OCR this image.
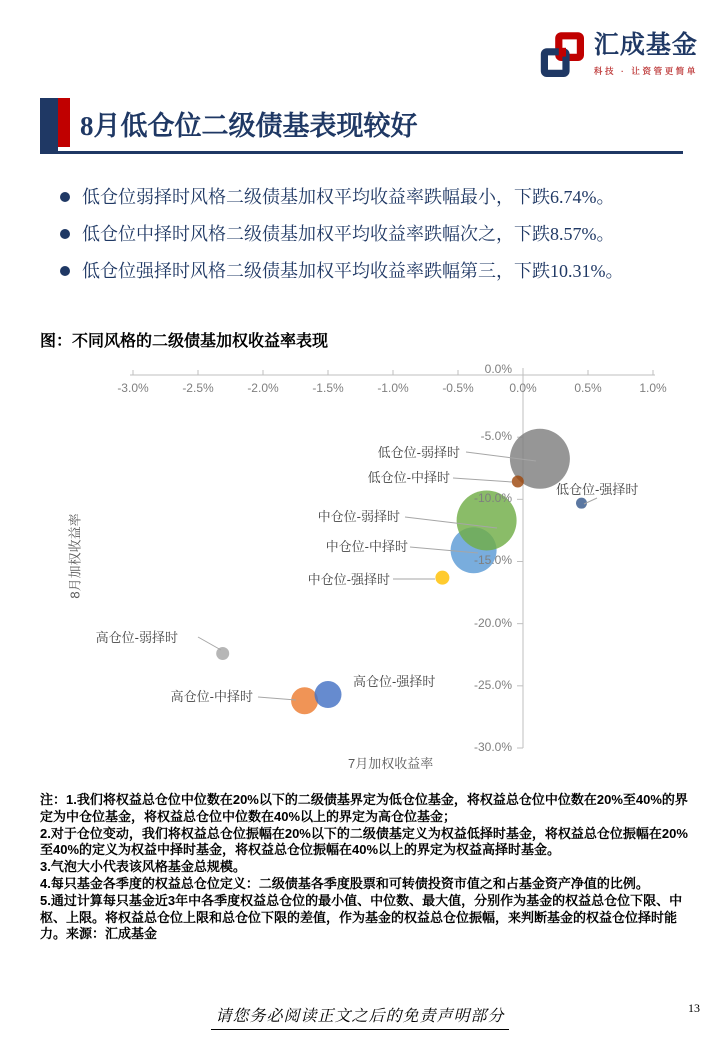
汇成基金
科技 · 让资管更简单
8月低仓位二级债基表现较好
低仓位弱择时风格二级债基加权平均收益率跌幅最小，下跌6.74%。
低仓位中择时风格二级债基加权平均收益率跌幅次之，下跌8.57%。
低仓位强择时风格二级债基加权平均收益率跌幅第三，下跌10.31%。
图：不同风格的二级债基加权收益率表现
-3.0%	-2.5%	-2.0%	-1.5%	-1.0%	-0.5%	0.0%	0.5%	1.0%
0.0%
-5.0%
-10.0%
-15.0%
-20.0%
-25.0%
-30.0%
8月加权收益率
7月加权收益率
低仓位-弱择时
低仓位-中择时
低仓位-强择时
中仓位-弱择时
中仓位-中择时
中仓位-强择时
高仓位-弱择时
高仓位-中择时
高仓位-强择时
注：1.我们将权益总仓位中位数在20%以下的二级债基界定为低仓位基金，将权益总仓位中位数在20%至40%的界定为中仓位基金，将权益总仓位中位数在40%以上的界定为高仓位基金；
2.对于仓位变动，我们将权益总仓位振幅在20%以下的二级债基定义为权益低择时基金，将权益总仓位振幅在20%至40%的定义为权益中择时基金，将权益总仓位振幅在40%以上的界定为权益高择时基金。
3.气泡大小代表该风格基金总规模。
4.每只基金各季度的权益总仓位定义：二级债基各季度股票和可转债投资市值之和占基金资产净值的比例。
5.通过计算每只基金近3年中各季度权益总仓位的最小值、中位数、最大值，分别作为基金的权益总仓位下限、中枢、上限。将权益总仓位上限和总仓位下限的差值，作为基金的权益总仓位振幅，来判断基金的权益仓位择时能力。来源：汇成基金
请您务必阅读正文之后的免责声明部分	13
